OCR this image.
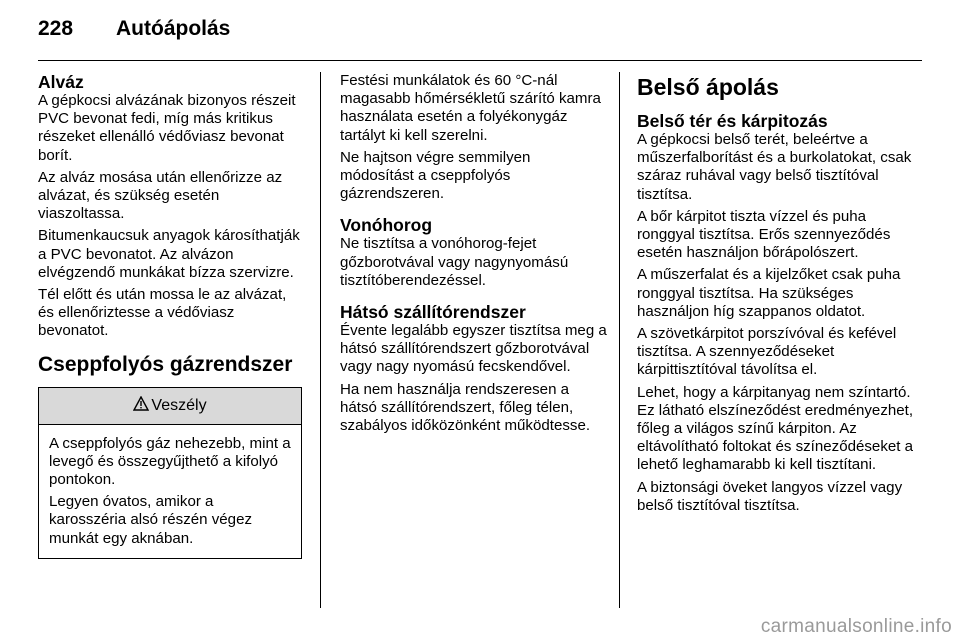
228	Autóápolás
Alváz

A gépkocsi alvázának bizonyos részeit PVC bevonat fedi, míg más kritikus részeket ellenálló védőviasz bevonat borít.

Az alváz mosása után ellenőrizze az alvázat, és szükség esetén viaszoltassa.

Bitumenkaucsuk anyagok károsíthatják a PVC bevonatot. Az alvázon elvégzendő munkákat bízza szervizre.

Tél előtt és után mossa le az alvázat, és ellenőriztesse a védőviasz bevonatot.

Cseppfolyós gázrendszer
Veszély

A cseppfolyós gáz nehezebb, mint a levegő és összegyűjthető a kifolyó pontokon.

Legyen óvatos, amikor a karosszéria alsó részén végez munkát egy aknában.

Festési munkálatok és 60 °C-nál magasabb hőmérsékletű szárító kamra használata esetén a folyékonygáz tartályt ki kell szerelni.

Ne hajtson végre semmilyen módosítást a cseppfolyós gázrendszeren.

Vonóhorog

Ne tisztítsa a vonóhorog-fejet gőzborotvával vagy nagynyomású tisztítóberendezéssel.

Hátsó szállítórendszer

Évente legalább egyszer tisztítsa meg a hátsó szállítórendszert gőzborotvával vagy nagy nyomású fecskendővel.

Ha nem használja rendszeresen a hátsó szállítórendszert, főleg télen, szabályos időközönként működtesse.

Belső ápolás
Belső tér és kárpitozás

A gépkocsi belső terét, beleértve a műszerfalborítást és a burkolatokat, csak száraz ruhával vagy belső tisztítóval tisztítsa.

A bőr kárpitot tiszta vízzel és puha ronggyal tisztítsa. Erős szennyeződés esetén használjon bőrápolószert.

A műszerfalat és a kijelzőket csak puha ronggyal tisztítsa. Ha szükséges használjon híg szappanos oldatot.

A szövetkárpitot porszívóval és kefével tisztítsa. A szennyeződéseket kárpittisztítóval távolítsa el.

Lehet, hogy a kárpitanyag nem színtartó. Ez látható elszíneződést eredményezhet, főleg a világos színű kárpiton. Az eltávolítható foltokat és színeződéseket a lehető leghamarabb ki kell tisztítani.

A biztonsági öveket langyos vízzel vagy belső tisztítóval tisztítsa.

carmanualsonline.info
